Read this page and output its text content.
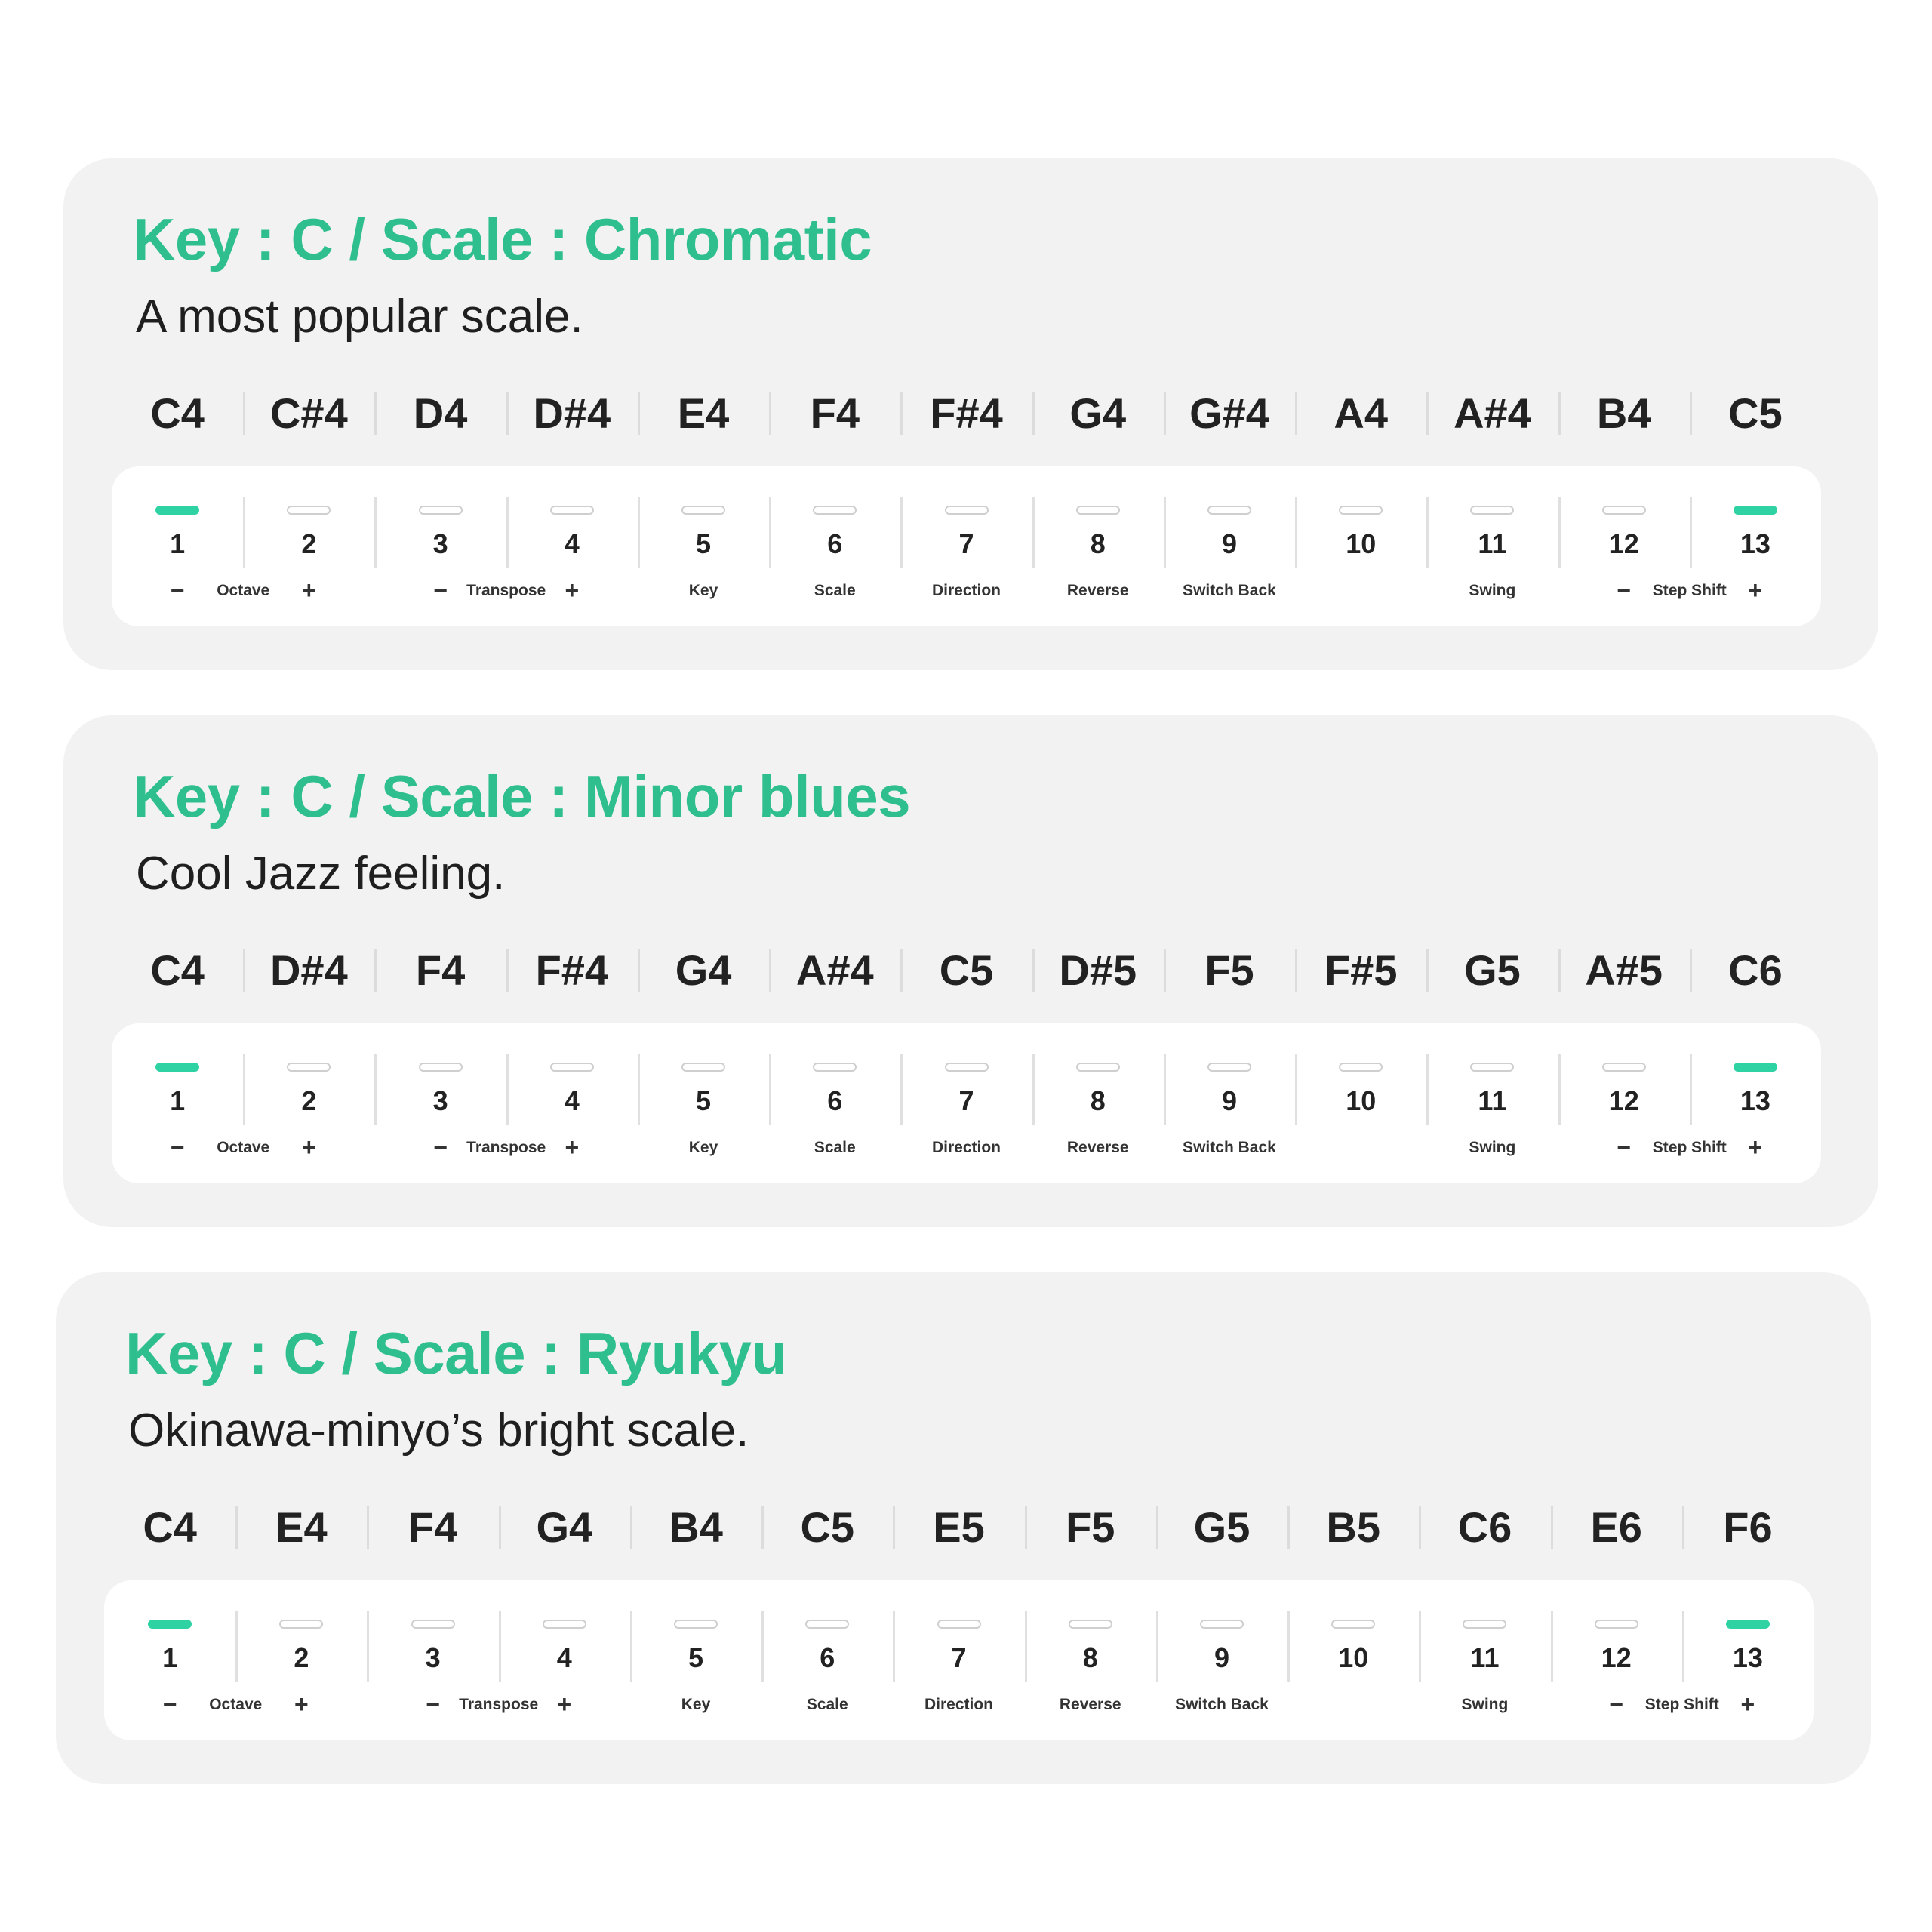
Key : C / Scale : Chromatic

A most popular scale.

C4	C#4	D4	D#4	E4	F4	F#4	G4	G#4	A4	A#4	B4	C5
1	2	3	4	5	6	7	8	9	10	11	12	13
−	Octave	+	−	Transpose +	Key	Scale	Direction	Reverse	Switch Back	Swing	−	Step Shift +
Key : C / Scale : Minor blues

Cool Jazz feeling.

C4	D#4	F4	F#4	G4	A#4	C5	D#5	F5	F#5	G5	A#5	C6
1	2	3	4	5	6	7	8	9	10	11	12	13
−	Octave	+	−	Transpose +	Key	Scale	Direction	Reverse	Switch Back	Swing	−	Step Shift +
Key : C / Scale : Ryukyu

Okinawa-minyo’s bright scale.

C4	E4	F4	G4	B4	C5	E5	F5	G5	B5	C6	E6	F6
1	2	3	4	5	6	7	8	9	10	11	12	13
−	Octave	+	−	Transpose +	Key	Scale	Direction	Reverse	Switch Back	Swing	−	Step Shift +
